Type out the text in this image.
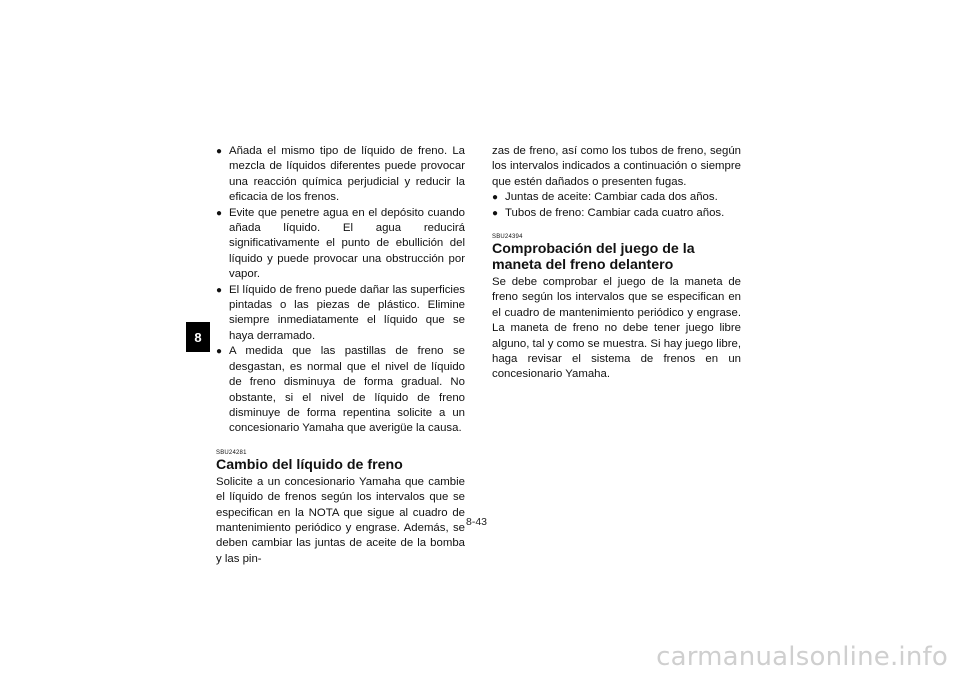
8
● Añada el mismo tipo de líquido de freno. La mezcla de líquidos diferentes puede provocar una reacción química perjudicial y reducir la eficacia de los frenos.
● Evite que penetre agua en el depósito cuando añada líquido. El agua reducirá significativamente el punto de ebullición del líquido y puede provocar una obstrucción por vapor.
● El líquido de freno puede dañar las superficies pintadas o las piezas de plástico. Elimine siempre inmediatamente el líquido que se haya derramado.
● A medida que las pastillas de freno se desgastan, es normal que el nivel de líquido de freno disminuya de forma gradual. No obstante, si el nivel de líquido de freno disminuye de forma repentina solicite a un concesionario Yamaha que averigüe la causa.
SBU24281
Cambio del líquido de freno
Solicite a un concesionario Yamaha que cambie el líquido de frenos según los intervalos que se especifican en la NOTA que sigue al cuadro de mantenimiento periódico y engrase. Además, se deben cambiar las juntas de aceite de la bomba y las pin-
zas de freno, así como los tubos de freno, según los intervalos indicados a continuación o siempre que estén dañados o presenten fugas.
● Juntas de aceite: Cambiar cada dos años.
● Tubos de freno: Cambiar cada cuatro años.
SBU24394
Comprobación del juego de la maneta del freno delantero
Se debe comprobar el juego de la maneta de freno según los intervalos que se especifican en el cuadro de mantenimiento periódico y engrase. La maneta de freno no debe tener juego libre alguno, tal y como se muestra. Si hay juego libre, haga revisar el sistema de frenos en un concesionario Yamaha.
8-43
carmanualsonline.info
